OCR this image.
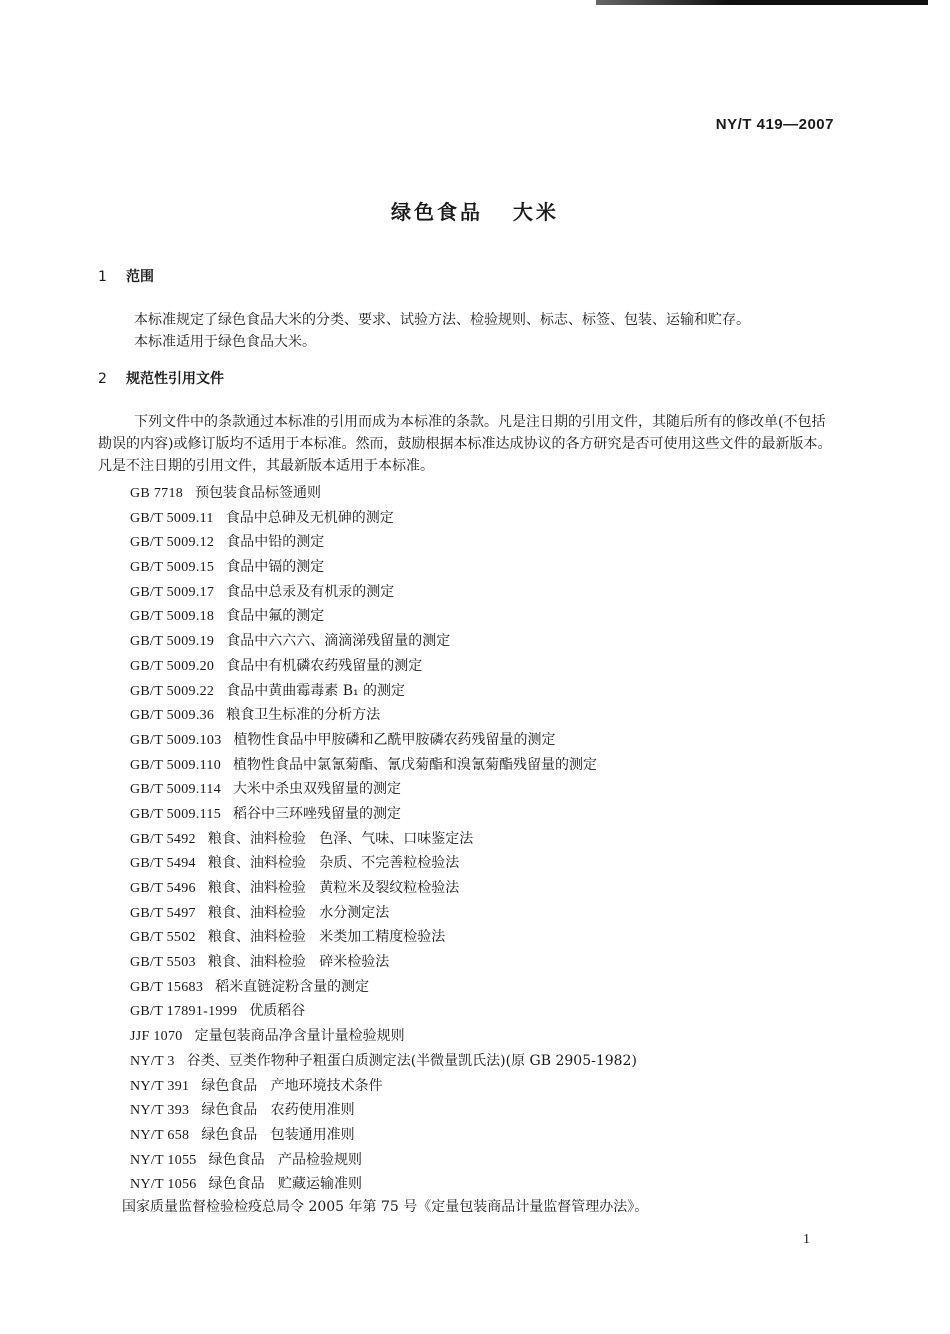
NY/T 419—2007
绿色食品   大米
1 范围
本标准规定了绿色食品大米的分类、要求、试验方法、检验规则、标志、标签、包装、运输和贮存。
本标准适用于绿色食品大米。
2 规范性引用文件
下列文件中的条款通过本标准的引用而成为本标准的条款。凡是注日期的引用文件，其随后所有的修改单(不包括勘误的内容)或修订版均不适用于本标准。然而，鼓励根据本标准达成协议的各方研究是否可使用这些文件的最新版本。凡是不注日期的引用文件，其最新版本适用于本标准。
GB 7718 预包装食品标签通则
GB/T 5009.11 食品中总砷及无机砷的测定
GB/T 5009.12 食品中铅的测定
GB/T 5009.15 食品中镉的测定
GB/T 5009.17 食品中总汞及有机汞的测定
GB/T 5009.18 食品中氟的测定
GB/T 5009.19 食品中六六六、滴滴涕残留量的测定
GB/T 5009.20 食品中有机磷农药残留量的测定
GB/T 5009.22 食品中黄曲霉毒素 B₁ 的测定
GB/T 5009.36 粮食卫生标准的分析方法
GB/T 5009.103 植物性食品中甲胺磷和乙酰甲胺磷农药残留量的测定
GB/T 5009.110 植物性食品中氯氰菊酯、氰戊菊酯和溴氰菊酯残留量的测定
GB/T 5009.114 大米中杀虫双残留量的测定
GB/T 5009.115 稻谷中三环唑残留量的测定
GB/T 5492 粮食、油料检验   色泽、气味、口味鉴定法
GB/T 5494 粮食、油料检验   杂质、不完善粒检验法
GB/T 5496 粮食、油料检验   黄粒米及裂纹粒检验法
GB/T 5497 粮食、油料检验   水分测定法
GB/T 5502 粮食、油料检验   米类加工精度检验法
GB/T 5503 粮食、油料检验   碎米检验法
GB/T 15683 稻米直链淀粉含量的测定
GB/T 17891-1999 优质稻谷
JJF 1070 定量包装商品净含量计量检验规则
NY/T 3 谷类、豆类作物种子粗蛋白质测定法(半微量凯氏法)(原 GB 2905-1982)
NY/T 391 绿色食品   产地环境技术条件
NY/T 393 绿色食品   农药使用准则
NY/T 658 绿色食品   包装通用准则
NY/T 1055 绿色食品   产品检验规则
NY/T 1056 绿色食品   贮藏运输准则
国家质量监督检验检疫总局令 2005 年第 75 号《定量包装商品计量监督管理办法》。
1
